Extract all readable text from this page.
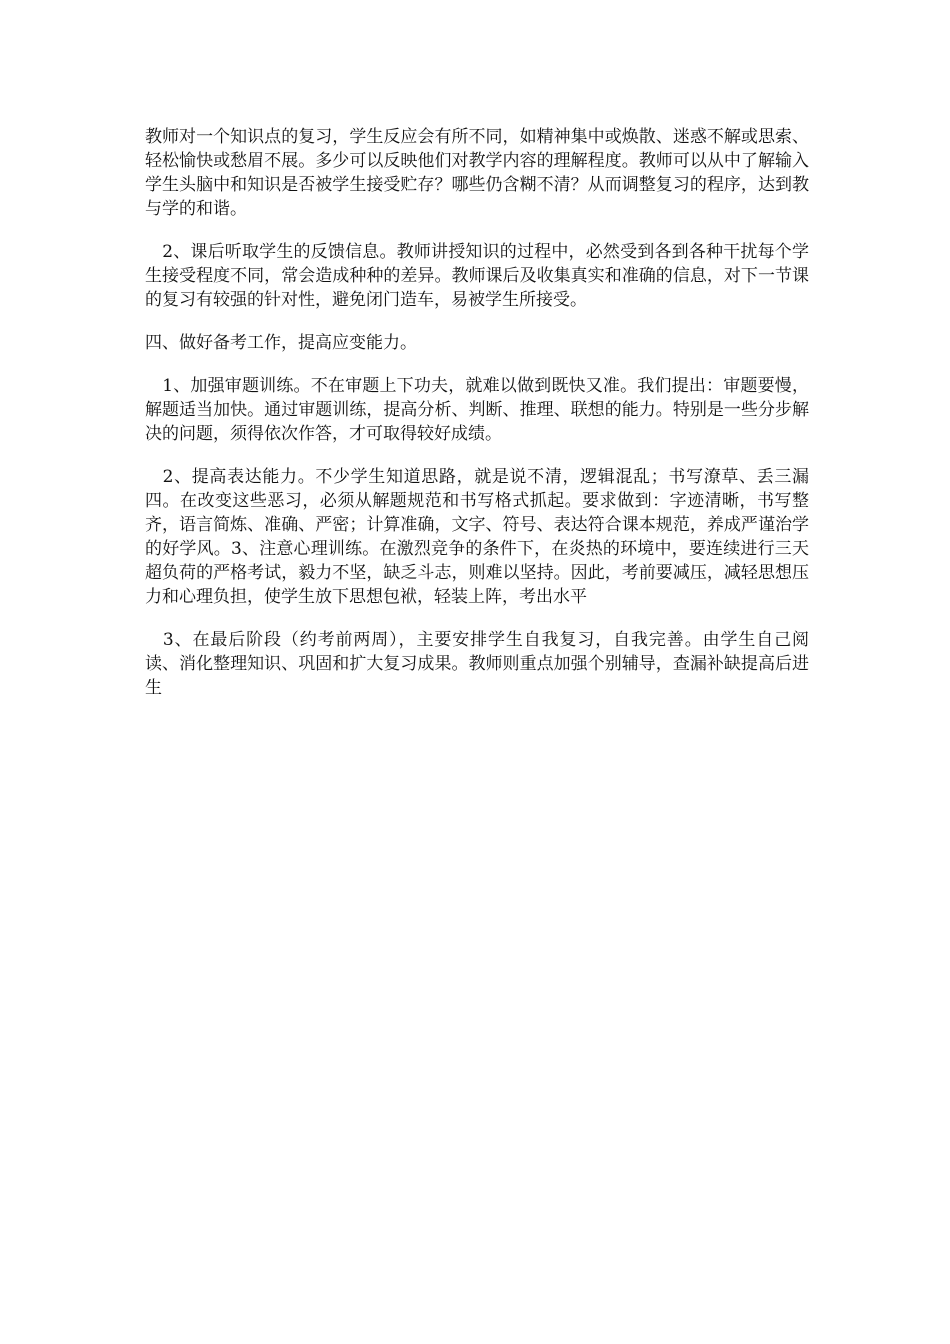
教师对一个知识点的复习，学生反应会有所不同，如精神集中或焕散、迷惑不解或思索、轻松愉快或愁眉不展。多少可以反映他们对教学内容的理解程度。教师可以从中了解输入学生头脑中和知识是否被学生接受贮存？哪些仍含糊不清？从而调整复习的程序，达到教与学的和谐。

　2、课后听取学生的反馈信息。教师讲授知识的过程中，必然受到各到各种干扰每个学生接受程度不同，常会造成种种的差异。教师课后及收集真实和准确的信息，对下一节课的复习有较强的针对性，避免闭门造车，易被学生所接受。

四、做好备考工作，提高应变能力。

　1、加强审题训练。不在审题上下功夫，就难以做到既快又准。我们提出：审题要慢，解题适当加快。通过审题训练，提高分析、判断、推理、联想的能力。特别是一些分步解决的问题，须得依次作答，才可取得较好成绩。

　2、提高表达能力。不少学生知道思路，就是说不清，逻辑混乱；书写潦草、丢三漏四。在改变这些恶习，必须从解题规范和书写格式抓起。要求做到：字迹清晰，书写整齐，语言简炼、准确、严密；计算准确，文字、符号、表达符合课本规范，养成严谨治学的好学风。3、注意心理训练。在激烈竞争的条件下，在炎热的环境中，要连续进行三天超负荷的严格考试，毅力不坚，缺乏斗志，则难以坚持。因此，考前要减压，减轻思想压力和心理负担，使学生放下思想包袱，轻装上阵，考出水平

　3、在最后阶段（约考前两周），主要安排学生自我复习，自我完善。由学生自己阅读、消化整理知识、巩固和扩大复习成果。教师则重点加强个别辅导，查漏补缺提高后进生
